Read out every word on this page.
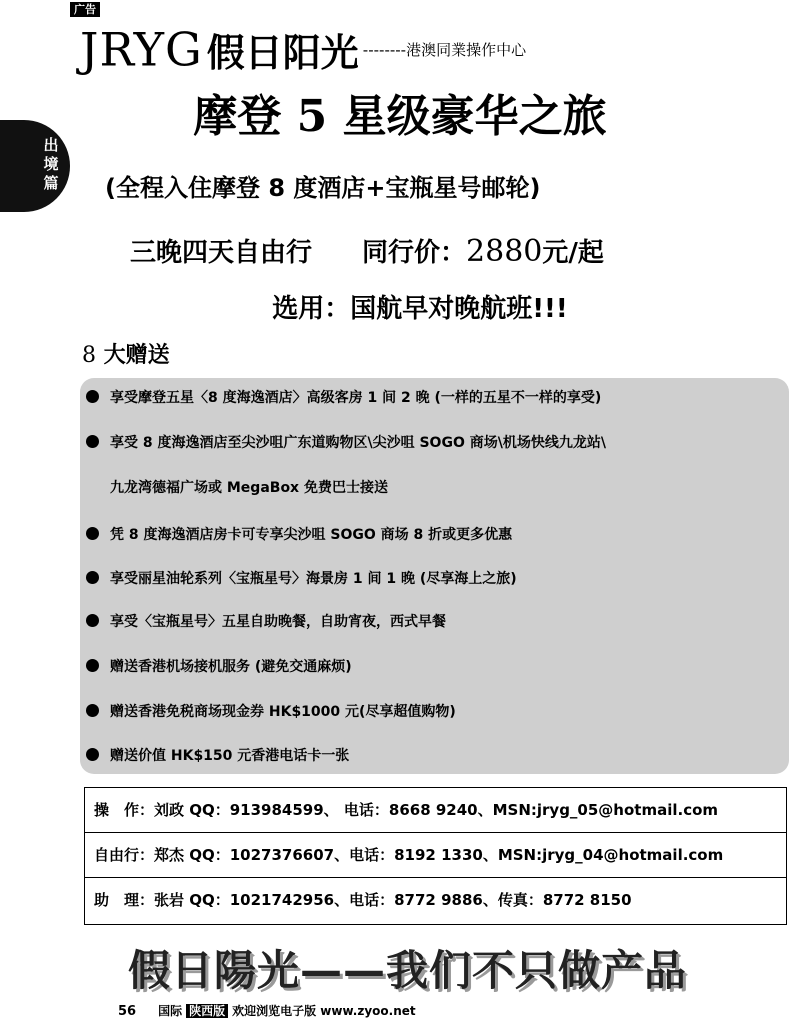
广告
出境篇
JRYG 假日阳光 --------港澳同業操作中心
摩登 5 星级豪华之旅
(全程入住摩登 8 度酒店+宝瓶星号邮轮)
三晚四天自由行 同行价：2880元/起
选用：国航早对晚航班!!!
8 大赠送
享受摩登五星〈8 度海逸酒店〉高级客房 1 间 2 晚 (一样的五星不一样的享受)
享受 8 度海逸酒店至尖沙咀广东道购物区\尖沙咀 SOGO 商场\机场快线九龙站\
九龙湾德福广场或 MegaBox 免费巴士接送
凭 8 度海逸酒店房卡可专享尖沙咀 SOGO 商场 8 折或更多优惠
享受丽星油轮系列〈宝瓶星号〉海景房 1 间 1 晚 (尽享海上之旅)
享受〈宝瓶星号〉五星自助晚餐，自助宵夜，西式早餐
赠送香港机场接机服务 (避免交通麻烦)
赠送香港免税商场现金券 HK$1000 元(尽享超值购物)
赠送价值 HK$150 元香港电话卡一张
操　作：刘政 QQ：913984599、 电话：8668 9240、MSN:jryg_05@hotmail.com
自由行：郑杰 QQ：1027376607、电话：8192 1330、MSN:jryg_04@hotmail.com
助　理：张岩 QQ：1021742956、电话：8772 9886、传真：8772 8150
假日陽光——我们不只做产品
56 国际 陕西版 欢迎浏览电子版 www.zyoo.net
